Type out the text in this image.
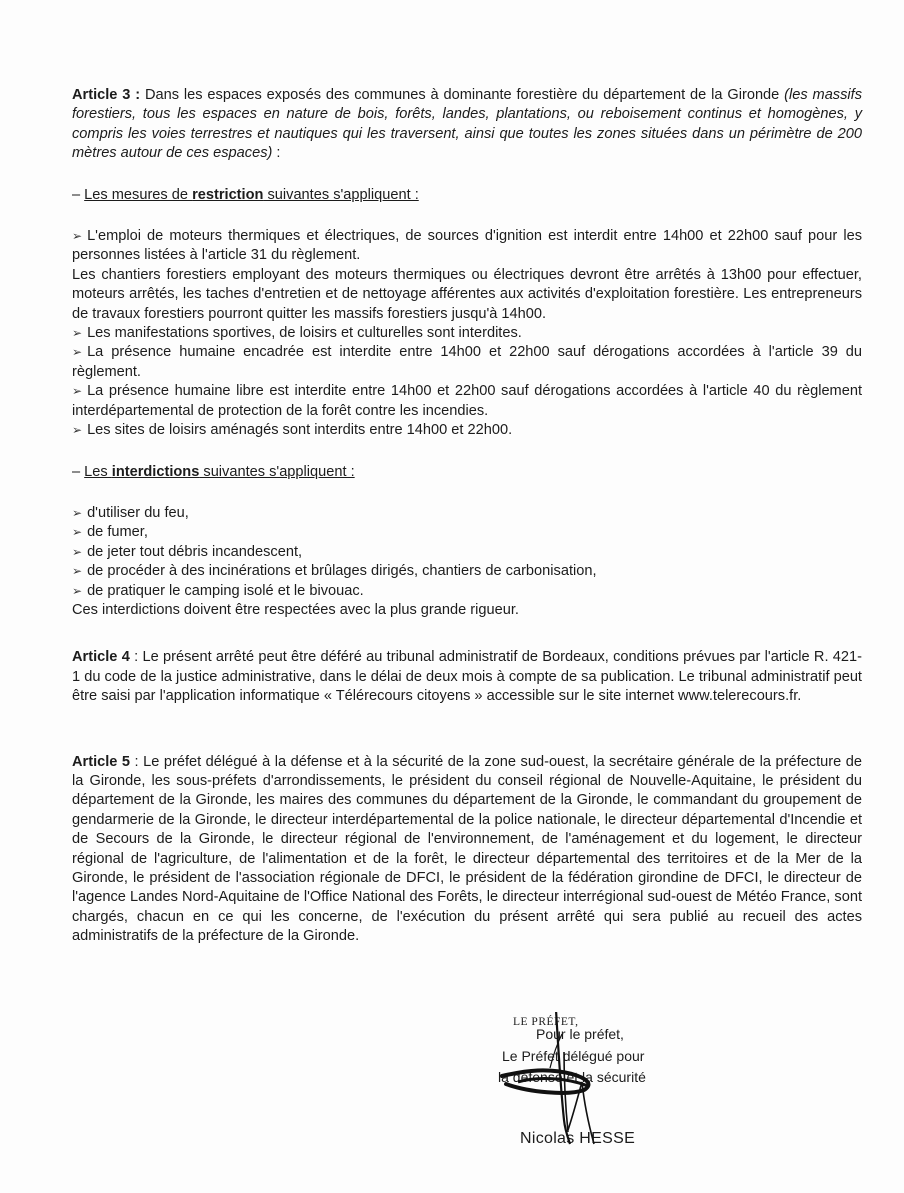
Article 3 : Dans les espaces exposés des communes à dominante forestière du département de la Gironde (les massifs forestiers, tous les espaces en nature de bois, forêts, landes, plantations, ou reboisement continus et homogènes, y compris les voies terrestres et nautiques qui les traversent, ainsi que toutes les zones situées dans un périmètre de 200 mètres autour de ces espaces) :

– Les mesures de restriction suivantes s'appliquent :

➢ L'emploi de moteurs thermiques et électriques, de sources d'ignition est interdit entre 14h00 et 22h00 sauf pour les personnes listées à l'article 31 du règlement.

Les chantiers forestiers employant des moteurs thermiques ou électriques devront être arrêtés à 13h00 pour effectuer, moteurs arrêtés, les taches d'entretien et de nettoyage afférentes aux activités d'exploitation forestière. Les entrepreneurs de travaux forestiers pourront quitter les massifs forestiers jusqu'à 14h00.

➢ Les manifestations sportives, de loisirs et culturelles sont interdites.

➢ La présence humaine encadrée est interdite entre 14h00 et 22h00 sauf dérogations accordées à l'article 39 du règlement.

➢ La présence humaine libre est interdite entre 14h00 et 22h00 sauf dérogations accordées à l'article 40 du règlement interdépartemental de protection de la forêt contre les incendies.

➢ Les sites de loisirs aménagés sont interdits entre 14h00 et 22h00.

– Les interdictions suivantes s'appliquent :

➢ d'utiliser du feu,

➢ de fumer,

➢ de jeter tout débris incandescent,

➢ de procéder à des incinérations et brûlages dirigés, chantiers de carbonisation,

➢ de pratiquer le camping isolé et le bivouac.

Ces interdictions doivent être respectées avec la plus grande rigueur.

Article 4 : Le présent arrêté peut être déféré au tribunal administratif de Bordeaux, conditions prévues par l'article R. 421-1 du code de la justice administrative, dans le délai de deux mois à compte de sa publication. Le tribunal administratif peut être saisi par l'application informatique « Télérecours citoyens » accessible sur le site internet www.telerecours.fr.

Article 5 : Le préfet délégué à la défense et à la sécurité de la zone sud-ouest, la secrétaire générale de la préfecture de la Gironde, les sous-préfets d'arrondissements, le président du conseil régional de Nouvelle-Aquitaine, le président du département de la Gironde, les maires des communes du département de la Gironde, le commandant du groupement de gendarmerie de la Gironde, le directeur interdépartemental de la police nationale, le directeur départemental d'Incendie et de Secours de la Gironde, le directeur régional de l'environnement, de l'aménagement et du logement, le directeur régional de l'agriculture, de l'alimentation et de la forêt, le directeur départemental des territoires et de la Mer de la Gironde, le président de l'association régionale de DFCI, le président de la fédération girondine de DFCI, le directeur de l'agence Landes Nord-Aquitaine de l'Office National des Forêts, le directeur interrégional sud-ouest de Météo France, sont chargés, chacun en ce qui les concerne, de l'exécution du présent arrêté qui sera publié au recueil des actes administratifs de la préfecture de la Gironde.

LE PRÉFET,
Pour le préfet,
Le Préfet délégué pour
la défense et la sécurité
Nicolas HESSE
